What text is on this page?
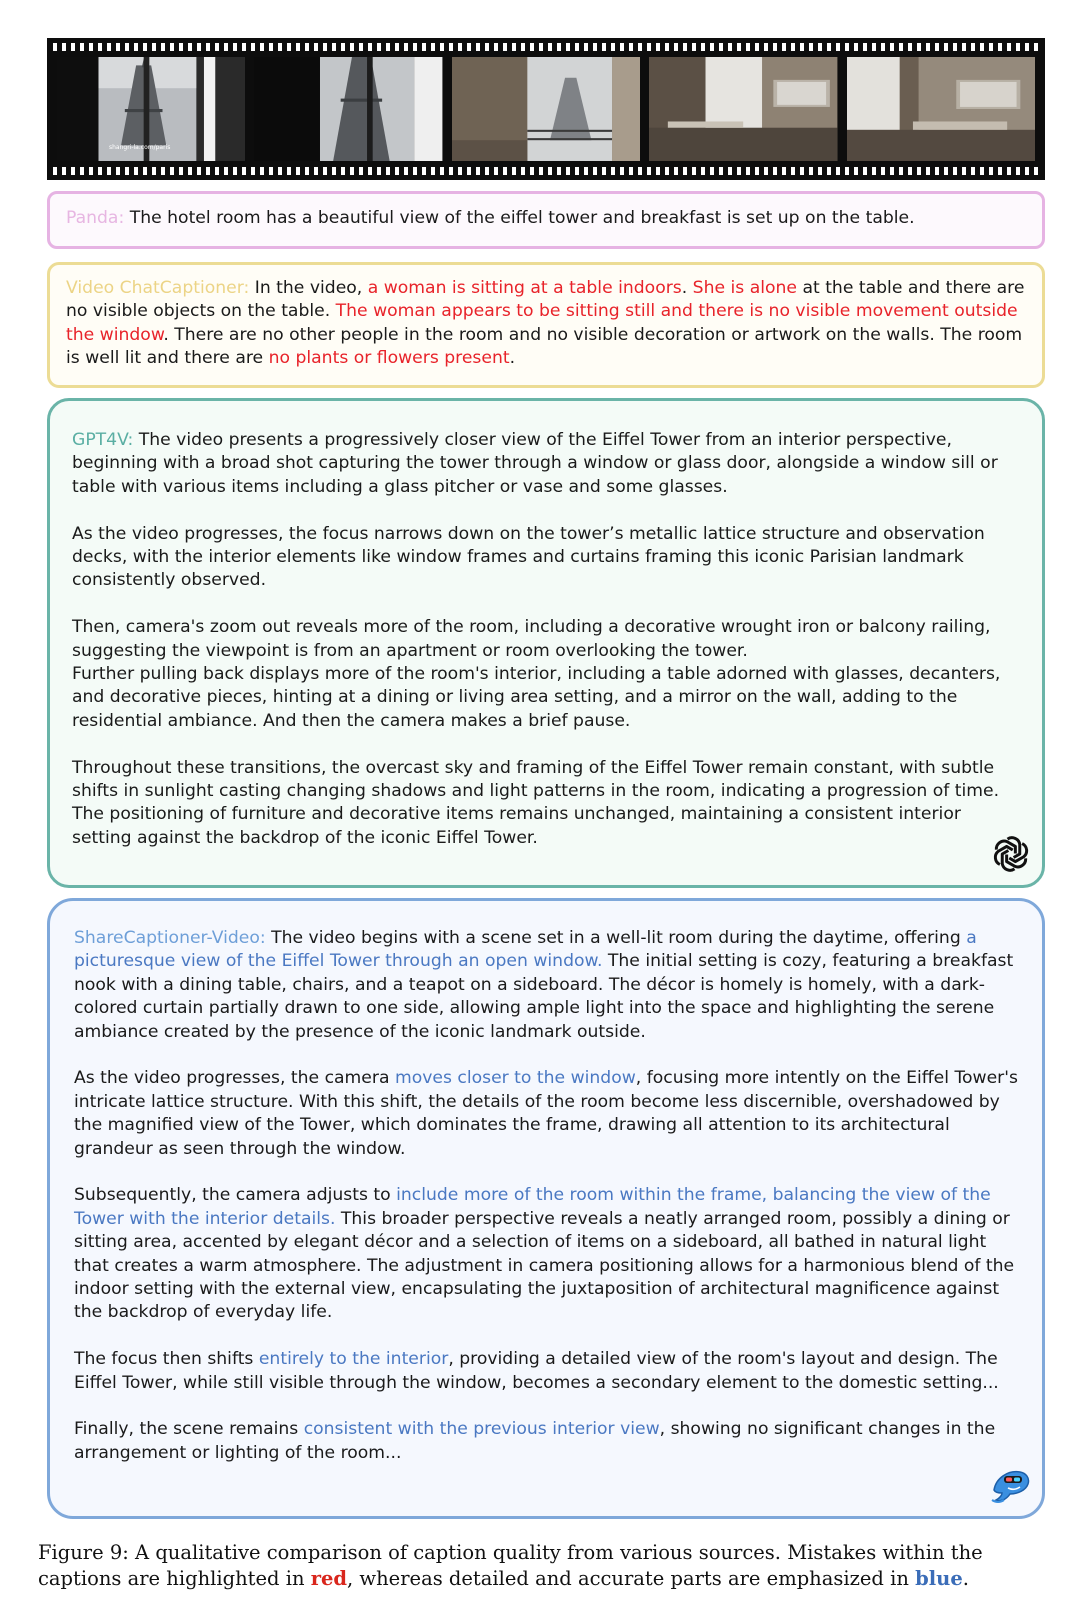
shangri-la.com/paris

Panda: The hotel room has a beautiful view of the eiffel tower and breakfast is set up on the table.

Video ChatCaptioner: In the video, a woman is sitting at a table indoors. She is alone at the table and there are no visible objects on the table. The woman appears to be sitting still and there is no visible movement outside the window. There are no other people in the room and no visible decoration or artwork on the walls. The room is well lit and there are no plants or flowers present.

GPT4V: The video presents a progressively closer view of the Eiffel Tower from an interior perspective, beginning with a broad shot capturing the tower through a window or glass door, alongside a window sill or table with various items including a glass pitcher or vase and some glasses.

As the video progresses, the focus narrows down on the tower’s metallic lattice structure and observation decks, with the interior elements like window frames and curtains framing this iconic Parisian landmark consistently observed.

Then, camera's zoom out reveals more of the room, including a decorative wrought iron or balcony railing, suggesting the viewpoint is from an apartment or room overlooking the tower.
Further pulling back displays more of the room's interior, including a table adorned with glasses, decanters, and decorative pieces, hinting at a dining or living area setting, and a mirror on the wall, adding to the residential ambiance. And then the camera makes a brief pause.

Throughout these transitions, the overcast sky and framing of the Eiffel Tower remain constant, with subtle shifts in sunlight casting changing shadows and light patterns in the room, indicating a progression of time. The positioning of furniture and decorative items remains unchanged, maintaining a consistent interior setting against the backdrop of the iconic Eiffel Tower.

ShareCaptioner-Video: The video begins with a scene set in a well-lit room during the daytime, offering a picturesque view of the Eiffel Tower through an open window. The initial setting is cozy, featuring a breakfast nook with a dining table, chairs, and a teapot on a sideboard. The décor is homely is homely, with a dark-colored curtain partially drawn to one side, allowing ample light into the space and highlighting the serene ambiance created by the presence of the iconic landmark outside.

As the video progresses, the camera moves closer to the window, focusing more intently on the Eiffel Tower's intricate lattice structure. With this shift, the details of the room become less discernible, overshadowed by the magnified view of the Tower, which dominates the frame, drawing all attention to its architectural grandeur as seen through the window.

Subsequently, the camera adjusts to include more of the room within the frame, balancing the view of the Tower with the interior details. This broader perspective reveals a neatly arranged room, possibly a dining or sitting area, accented by elegant décor and a selection of items on a sideboard, all bathed in natural light that creates a warm atmosphere. The adjustment in camera positioning allows for a harmonious blend of the indoor setting with the external view, encapsulating the juxtaposition of architectural magnificence against the backdrop of everyday life.

The focus then shifts entirely to the interior, providing a detailed view of the room's layout and design. The Eiffel Tower, while still visible through the window, becomes a secondary element to the domestic setting...

Finally, the scene remains consistent with the previous interior view, showing no significant changes in the arrangement or lighting of the room...

Figure 9: A qualitative comparison of caption quality from various sources. Mistakes within the captions are highlighted in red, whereas detailed and accurate parts are emphasized in blue.
